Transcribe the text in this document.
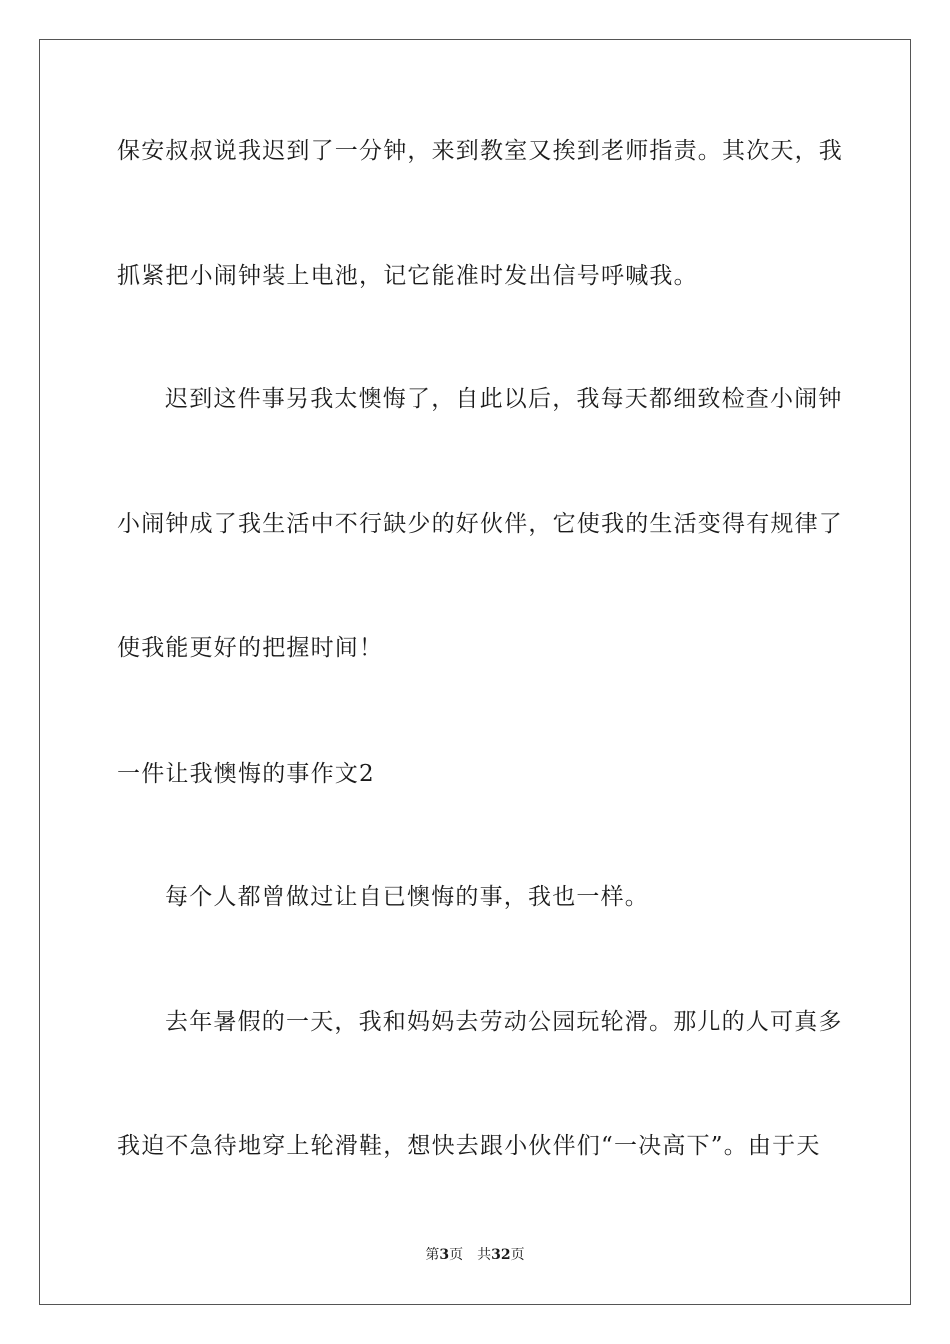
保安叔叔说我迟到了一分钟，来到教室又挨到老师指责。其次天，我
抓紧把小闹钟装上电池，记它能准时发出信号呼喊我。
迟到这件事另我太懊悔了，自此以后，我每天都细致检查小闹钟
小闹钟成了我生活中不行缺少的好伙伴，它使我的生活变得有规律了
使我能更好的把握时间！
一件让我懊悔的事作文2
每个人都曾做过让自已懊悔的事，我也一样。
去年暑假的一天，我和妈妈去劳动公园玩轮滑。那儿的人可真多
我迫不急待地穿上轮滑鞋，想快去跟小伙伴们“一决高下”。由于天
第3页 共32页
